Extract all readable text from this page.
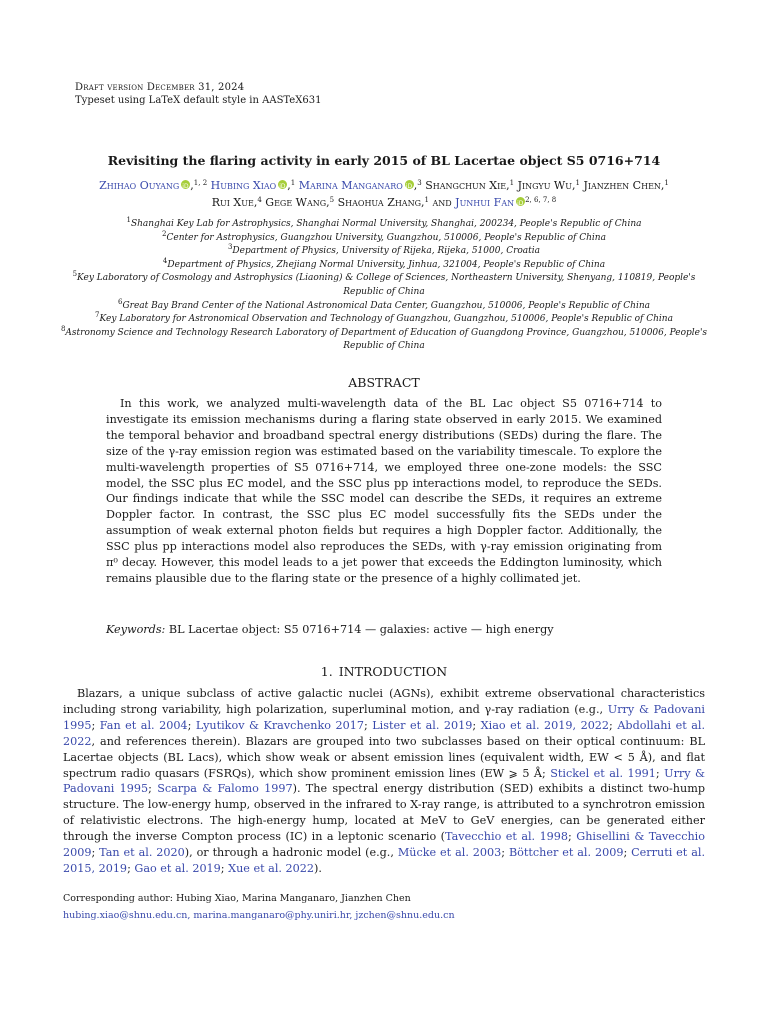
Draft version December 31, 2024
Typeset using LaTeX default style in AASTeX631
Revisiting the flaring activity in early 2015 of BL Lacertae object S5 0716+714
Zhihao Ouyang iD ,$^{1, 2}$ Hubing Xiao iD ,$^1$ Marina Manganaro iD ,$^3$ Shangchun Xie,$^1$ Jingyu Wu,$^1$ Jianzhen Chen,$^1$
Rui Xue,$^4$ Gege Wang,$^5$ Shaohua Zhang,$^1$ and Junhui Fan iD $^{2, 6, 7, 8}$
$^1$Shanghai Key Lab for Astrophysics, Shanghai Normal University, Shanghai, 200234, People's Republic of China
$^2$Center for Astrophysics, Guangzhou University, Guangzhou, 510006, People's Republic of China
$^3$Department of Physics, University of Rijeka, Rijeka, 51000, Croatia
$^4$Department of Physics, Zhejiang Normal University, Jinhua, 321004, People's Republic of China
$^5$Key Laboratory of Cosmology and Astrophysics (Liaoning) & College of Sciences, Northeastern University, Shenyang, 110819, People's Republic of China
$^6$Great Bay Brand Center of the National Astronomical Data Center, Guangzhou, 510006, People's Republic of China
$^7$Key Laboratory for Astronomical Observation and Technology of Guangzhou, Guangzhou, 510006, People's Republic of China
$^8$Astronomy Science and Technology Research Laboratory of Department of Education of Guangdong Province, Guangzhou, 510006, People's Republic of China
ABSTRACT
In this work, we analyzed multi-wavelength data of the BL Lac object S5 0716+714 to investigate its emission mechanisms during a flaring state observed in early 2015. We examined the temporal behavior and broadband spectral energy distributions (SEDs) during the flare. The size of the γ-ray emission region was estimated based on the variability timescale. To explore the multi-wavelength properties of S5 0716+714, we employed three one-zone models: the SSC model, the SSC plus EC model, and the SSC plus pp interactions model, to reproduce the SEDs. Our findings indicate that while the SSC model can describe the SEDs, it requires an extreme Doppler factor. In contrast, the SSC plus EC model successfully fits the SEDs under the assumption of weak external photon fields but requires a high Doppler factor. Additionally, the SSC plus pp interactions model also reproduces the SEDs, with γ-ray emission originating from π⁰ decay. However, this model leads to a jet power that exceeds the Eddington luminosity, which remains plausible due to the flaring state or the presence of a highly collimated jet.
Keywords: BL Lacertae object: S5 0716+714 — galaxies: active — high energy
1. INTRODUCTION
Blazars, a unique subclass of active galactic nuclei (AGNs), exhibit extreme observational characteristics including strong variability, high polarization, superluminal motion, and γ-ray radiation (e.g., Urry & Padovani 1995; Fan et al. 2004; Lyutikov & Kravchenko 2017; Lister et al. 2019; Xiao et al. 2019, 2022; Abdollahi et al. 2022, and references therein). Blazars are grouped into two subclasses based on their optical continuum: BL Lacertae objects (BL Lacs), which show weak or absent emission lines (equivalent width, EW < 5 Å), and flat spectrum radio quasars (FSRQs), which show prominent emission lines (EW ⩾ 5 Å; Stickel et al. 1991; Urry & Padovani 1995; Scarpa & Falomo 1997). The spectral energy distribution (SED) exhibits a distinct two-hump structure. The low-energy hump, observed in the infrared to X-ray range, is attributed to a synchrotron emission of relativistic electrons. The high-energy hump, located at MeV to GeV energies, can be generated either through the inverse Compton process (IC) in a leptonic scenario (Tavecchio et al. 1998; Ghisellini & Tavecchio 2009; Tan et al. 2020), or through a hadronic model (e.g., Mücke et al. 2003; Böttcher et al. 2009; Cerruti et al. 2015, 2019; Gao et al. 2019; Xue et al. 2022).
Corresponding author: Hubing Xiao, Marina Manganaro, Jianzhen Chen
hubing.xiao@shnu.edu.cn, marina.manganaro@phy.uniri.hr, jzchen@shnu.edu.cn
